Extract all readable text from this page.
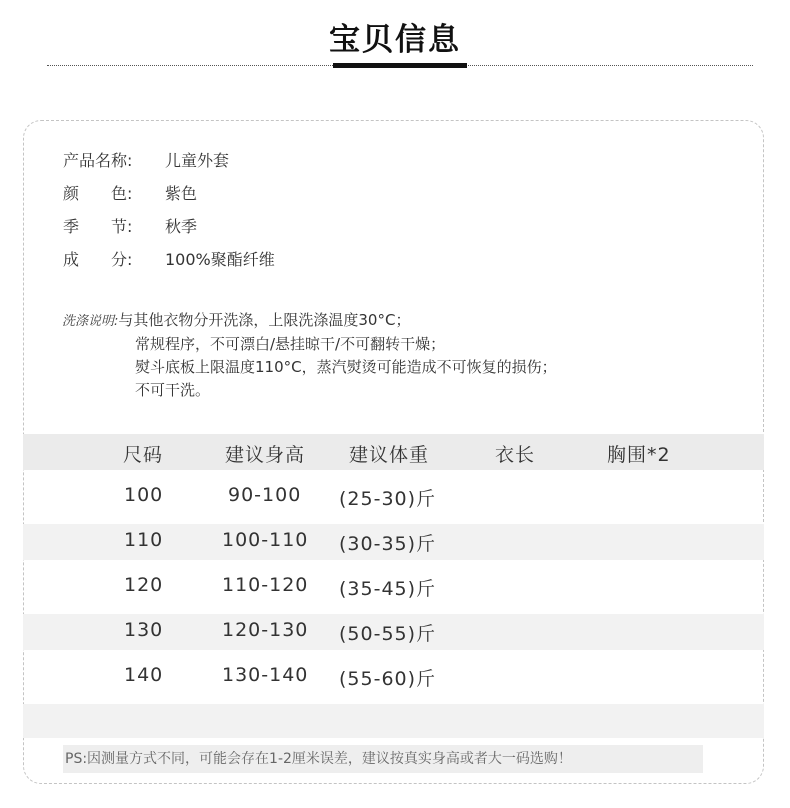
宝贝信息
产品名称: 儿童外套
颜　　色: 紫色
季　　节: 秋季
成　　分: 100%聚酯纤维
洗涤说明:与其他衣物分开洗涤，上限洗涤温度30°C；
常规程序，不可漂白/悬挂晾干/不可翻转干燥；
熨斗底板上限温度110°C，蒸汽熨烫可能造成不可恢复的损伤；
不可干洗。
尺码	建议身高 建议体重	衣长	胸围*2
100	90-100 (25-30)斤
110	100-110 (30-35)斤
120	110-120 (35-45)斤
130	120-130 (50-55)斤
140	130-140 (55-60)斤
PS:因测量方式不同，可能会存在1-2厘米误差，建议按真实身高或者大一码选购！
